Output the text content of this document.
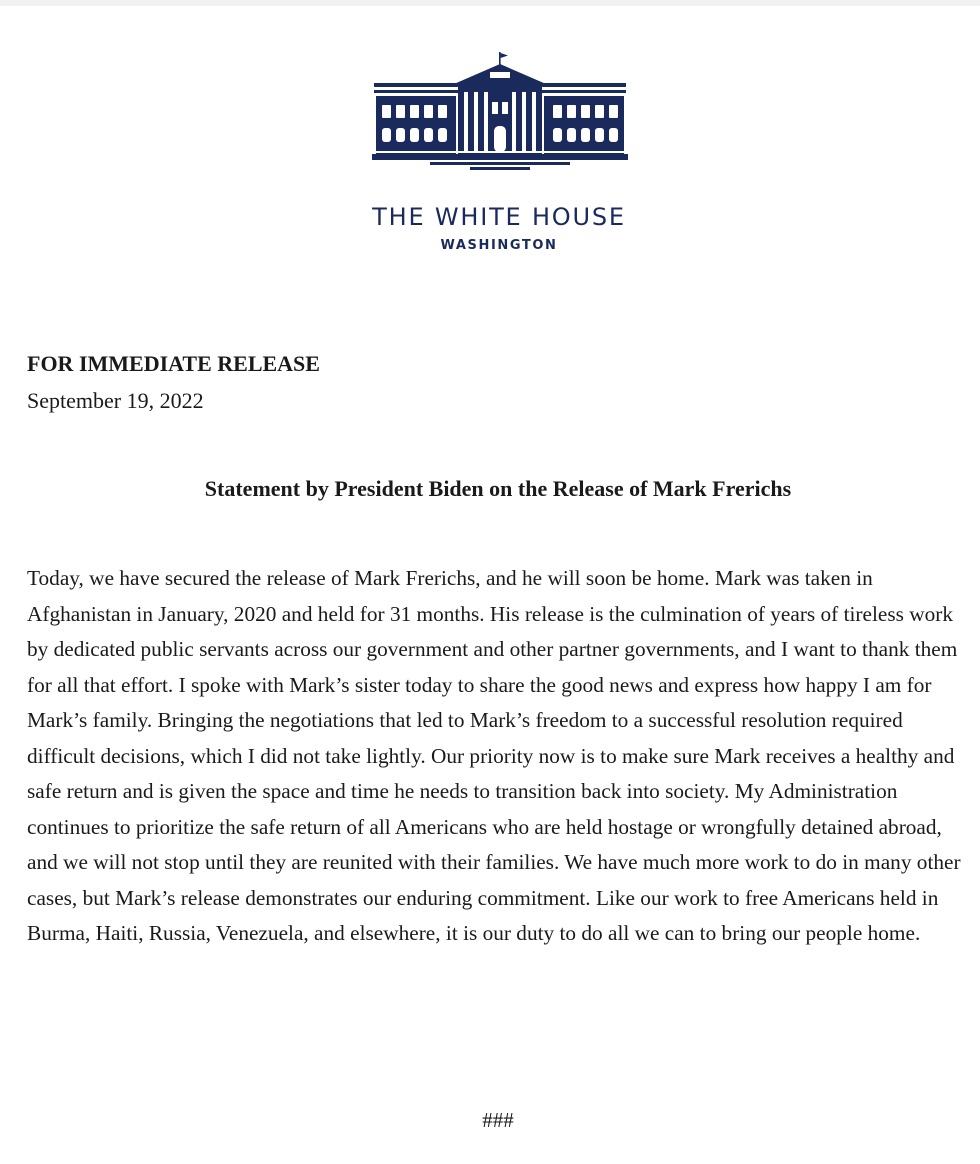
THE WHITE HOUSE
WASHINGTON
FOR IMMEDIATE RELEASE
September 19, 2022
Statement by President Biden on the Release of Mark Frerichs

Today, we have secured the release of Mark Frerichs, and he will soon be home. Mark was taken in Afghanistan in January, 2020 and held for 31 months. His release is the culmination of years of tireless work by dedicated public servants across our government and other partner governments, and I want to thank them for all that effort. I spoke with Mark’s sister today to share the good news and express how happy I am for Mark’s family. Bringing the negotiations that led to Mark’s freedom to a successful resolution required difficult decisions, which I did not take lightly. Our priority now is to make sure Mark receives a healthy and safe return and is given the space and time he needs to transition back into society. My Administration continues to prioritize the safe return of all Americans who are held hostage or wrongfully detained abroad, and we will not stop until they are reunited with their families. We have much more work to do in many other cases, but Mark’s release demonstrates our enduring commitment. Like our work to free Americans held in Burma, Haiti, Russia, Venezuela, and elsewhere, it is our duty to do all we can to bring our people home.

###
